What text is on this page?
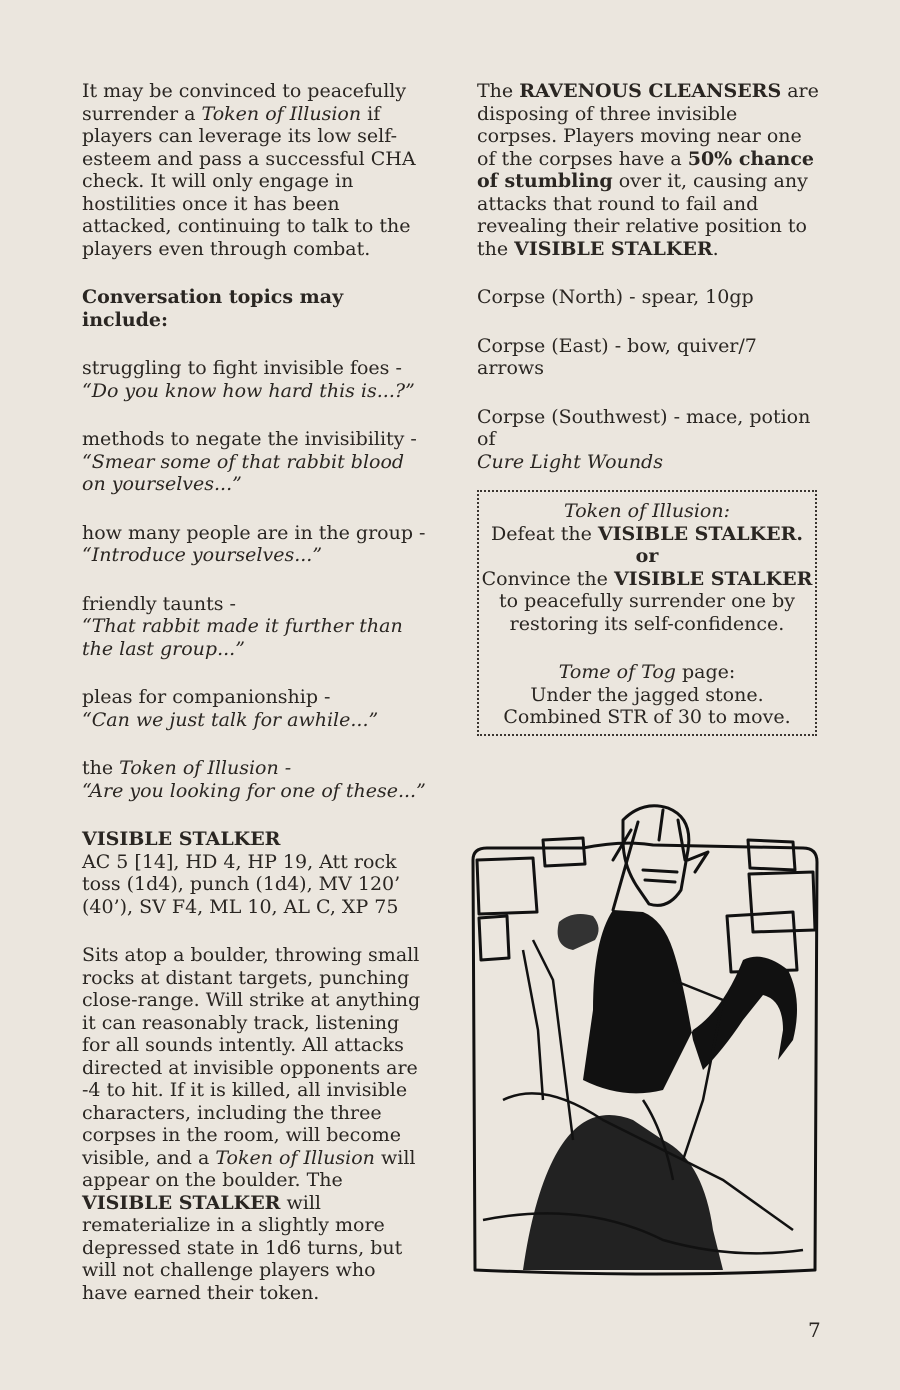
It may be convinced to peacefully surrender a Token of Illusion if players can leverage its low self-esteem and pass a successful CHA check. It will only engage in hostilities once it has been attacked, continuing to talk to the players even through combat.

Conversation topics may include:

struggling to fight invisible foes -
“Do you know how hard this is...?”

methods to negate the invisibility -
“Smear some of that rabbit blood on yourselves...”

how many people are in the group -
“Introduce yourselves...”

friendly taunts -
“That rabbit made it further than the last group...”

pleas for companionship -
“Can we just talk for awhile...”

the Token of Illusion -
“Are you looking for one of these...”

VISIBLE STALKER
AC 5 [14], HD 4, HP 19, Att rock toss (1d4), punch (1d4), MV 120’ (40’), SV F4, ML 10, AL C, XP 75

Sits atop a boulder, throwing small rocks at distant targets, punching close-range. Will strike at anything it can reasonably track, listening for all sounds intently. All attacks directed at invisible opponents are -4 to hit. If it is killed, all invisible characters, including the three corpses in the room, will become visible, and a Token of Illusion will appear on the boulder. The VISIBLE STALKER will rematerialize in a slightly more depressed state in 1d6 turns, but will not challenge players who have earned their token.

The RAVENOUS CLEANSERS are disposing of three invisible corpses. Players moving near one of the corpses have a 50% chance of stumbling over it, causing any attacks that round to fail and revealing their relative position to the VISIBLE STALKER.

Corpse (North) - spear, 10gp

Corpse (East) - bow, quiver/7 arrows

Corpse (Southwest) - mace, potion of
Cure Light Wounds

Token of Illusion:

Defeat the VISIBLE STALKER.

or

Convince the VISIBLE STALKER to peacefully surrender one by restoring its self-confidence.

Tome of Tog page:

Under the jagged stone.

Combined STR of 30 to move.

7
